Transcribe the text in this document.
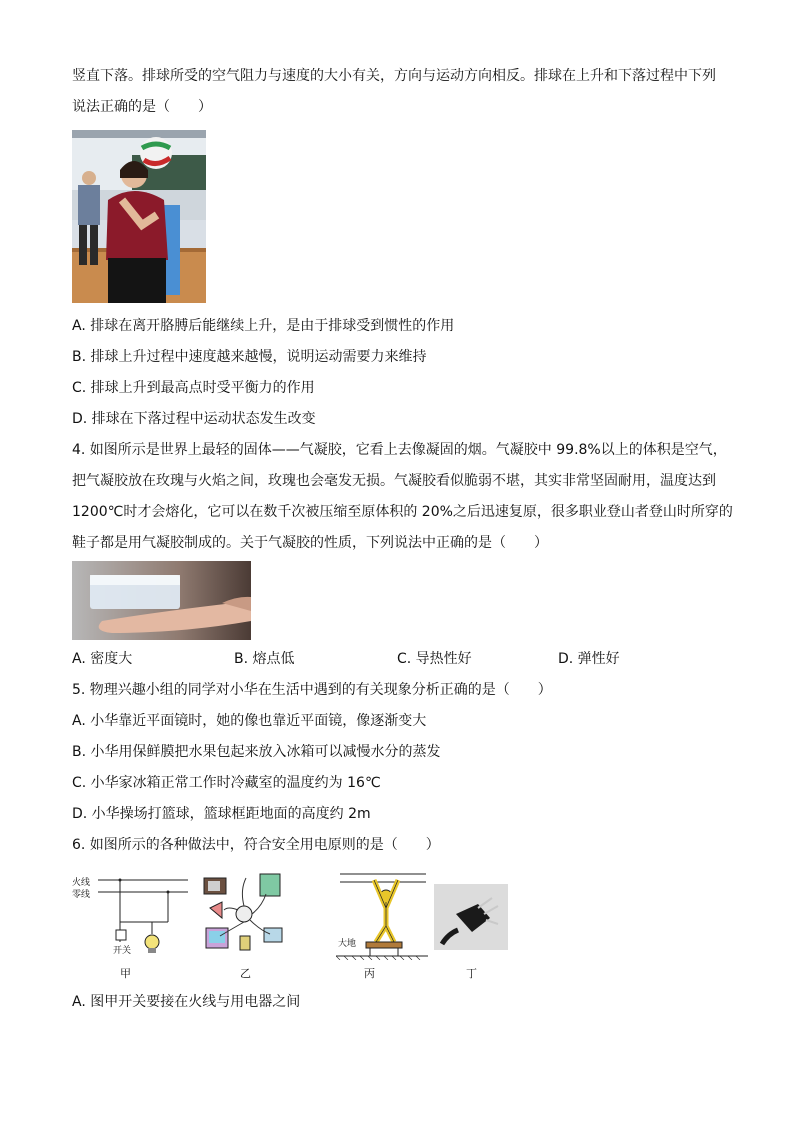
竖直下落。排球所受的空气阻力与速度的大小有关，方向与运动方向相反。排球在上升和下落过程中下列
说法正确的是（　　）
A. 排球在离开胳膊后能继续上升，是由于排球受到惯性的作用
B. 排球上升过程中速度越来越慢，说明运动需要力来维持
C. 排球上升到最高点时受平衡力的作用
D. 排球在下落过程中运动状态发生改变
4. 如图所示是世界上最轻的固体——气凝胶，它看上去像凝固的烟。气凝胶中 99.8%以上的体积是空气，
把气凝胶放在玫瑰与火焰之间，玫瑰也会毫发无损。气凝胶看似脆弱不堪，其实非常坚固耐用，温度达到
1200℃时才会熔化，它可以在数千次被压缩至原体积的 20%之后迅速复原，很多职业登山者登山时所穿的
鞋子都是用气凝胶制成的。关于气凝胶的性质，下列说法中正确的是（　　）
A. 密度大	B. 熔点低	C. 导热性好	D. 弹性好
5. 物理兴趣小组的同学对小华在生活中遇到的有关现象分析正确的是（　　）
A. 小华靠近平面镜时，她的像也靠近平面镜，像逐渐变大
B. 小华用保鲜膜把水果包起来放入冰箱可以减慢水分的蒸发
C. 小华家冰箱正常工作时冷藏室的温度约为 16℃
D. 小华操场打篮球，篮球框距地面的高度约 2m
6. 如图所示的各种做法中，符合安全用电原则的是（　　）
火线
零线
开关
大地
甲	乙	丙	丁
A. 图甲开关要接在火线与用电器之间
